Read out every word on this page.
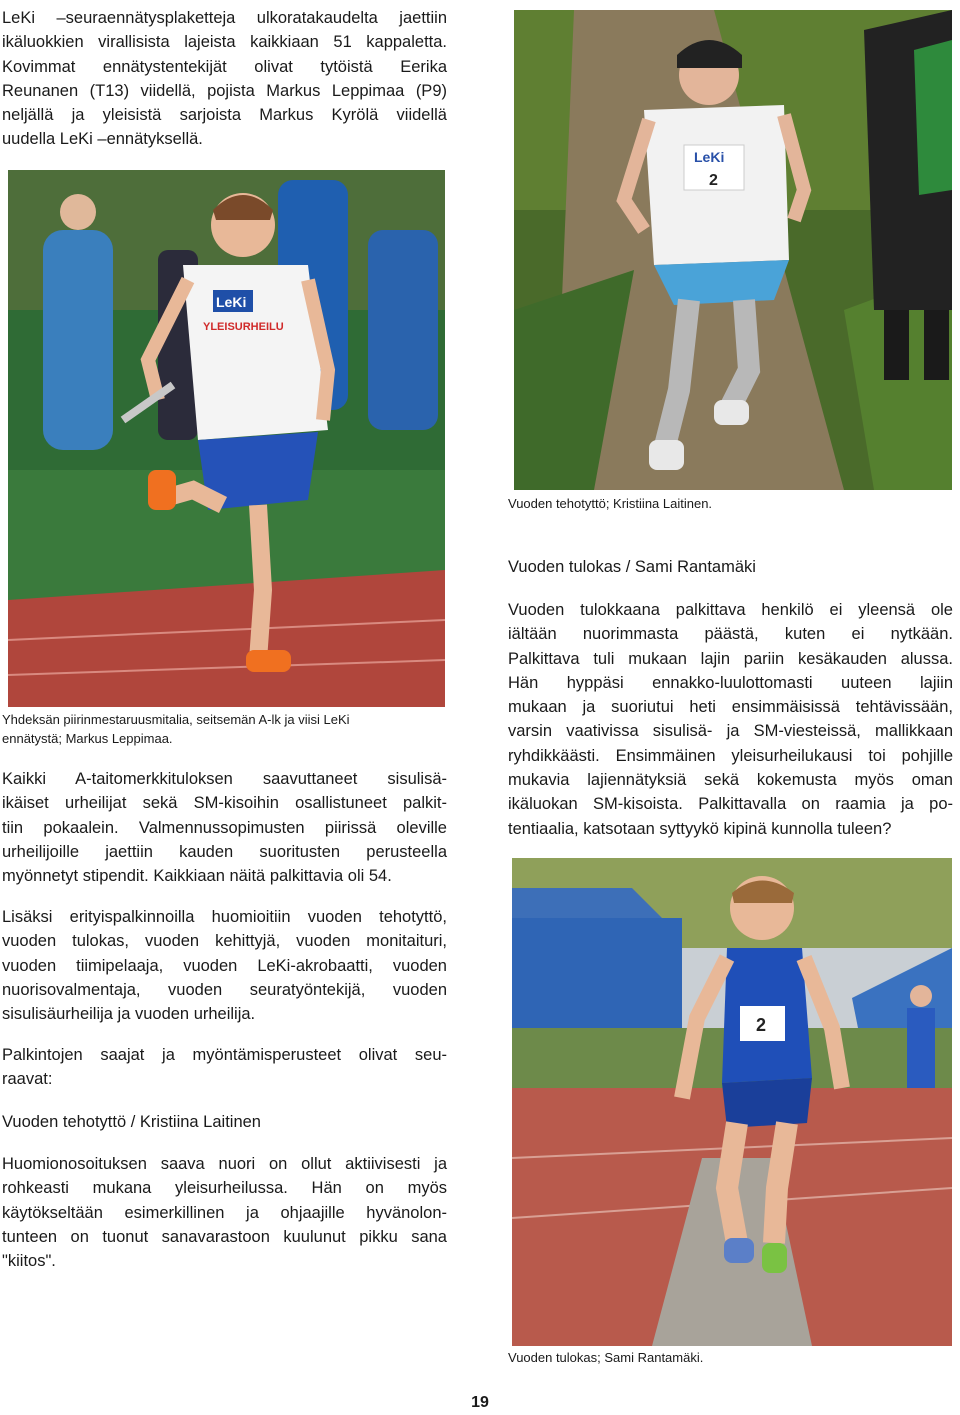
LeKi –seuraennätysplaketteja ulkoratakaudelta jaettiin
ikäluokkien virallisista lajeista kaikkiaan 51 kappaletta.
Kovimmat ennätystentekijät olivat tytöistä Eerika
Reunanen (T13) viidellä, pojista Markus Leppimaa (P9)
neljällä ja yleisistä sarjoista Markus Kyrölä viidellä
uudella LeKi –ennätyksellä.
LeKi
YLEISURHEILU
Yhdeksän piirinmestaruusmitalia, seitsemän A-lk ja viisi LeKi
ennätystä; Markus Leppimaa.
Kaikki A-taitomerkkituloksen saavuttaneet sisulisä-
ikäiset urheilijat sekä SM-kisoihin osallistuneet palkit-
tiin pokaalein. Valmennussopimusten piirissä oleville
urheilijoille jaettiin kauden suoritusten perusteella
myönnetyt stipendit. Kaikkiaan näitä palkittavia oli 54.
Lisäksi erityispalkinnoilla huomioitiin vuoden tehotyttö,
vuoden tulokas, vuoden kehittyjä, vuoden monitaituri,
vuoden tiimipelaaja, vuoden LeKi-akrobaatti, vuoden
nuorisovalmentaja, vuoden seuratyöntekijä, vuoden
sisulisäurheilija ja vuoden urheilija.
Palkintojen saajat ja myöntämisperusteet olivat seu-
raavat:
Vuoden tehotyttö / Kristiina Laitinen
Huomionosoituksen saava nuori on ollut aktiivisesti ja
rohkeasti mukana yleisurheilussa. Hän on myös
käytökseltään esimerkillinen ja ohjaajille hyvänolon-
tunteen on tuonut sanavarastoon kuulunut pikku sana
"kiitos".
LeKi
2
Vuoden tehotyttö; Kristiina Laitinen.
Vuoden tulokas / Sami Rantamäki
Vuoden tulokkaana palkittava henkilö ei yleensä ole
iältään nuorimmasta päästä, kuten ei nytkään.
Palkittava tuli mukaan lajin pariin kesäkauden alussa.
Hän hyppäsi ennakko-luulottomasti uuteen lajiin
mukaan ja suoriutui heti ensimmäisissä tehtävissään,
varsin vaativissa sisulisä- ja SM-viesteissä, mallikkaan
ryhdikkäästi. Ensimmäinen yleisurheilukausi toi pohjille
mukavia lajiennätyksiä sekä kokemusta myös oman
ikäluokan SM-kisoista. Palkittavalla on raamia ja po-
tentiaalia, katsotaan syttyykö kipinä kunnolla tuleen?
2
Vuoden tulokas; Sami Rantamäki.
19
